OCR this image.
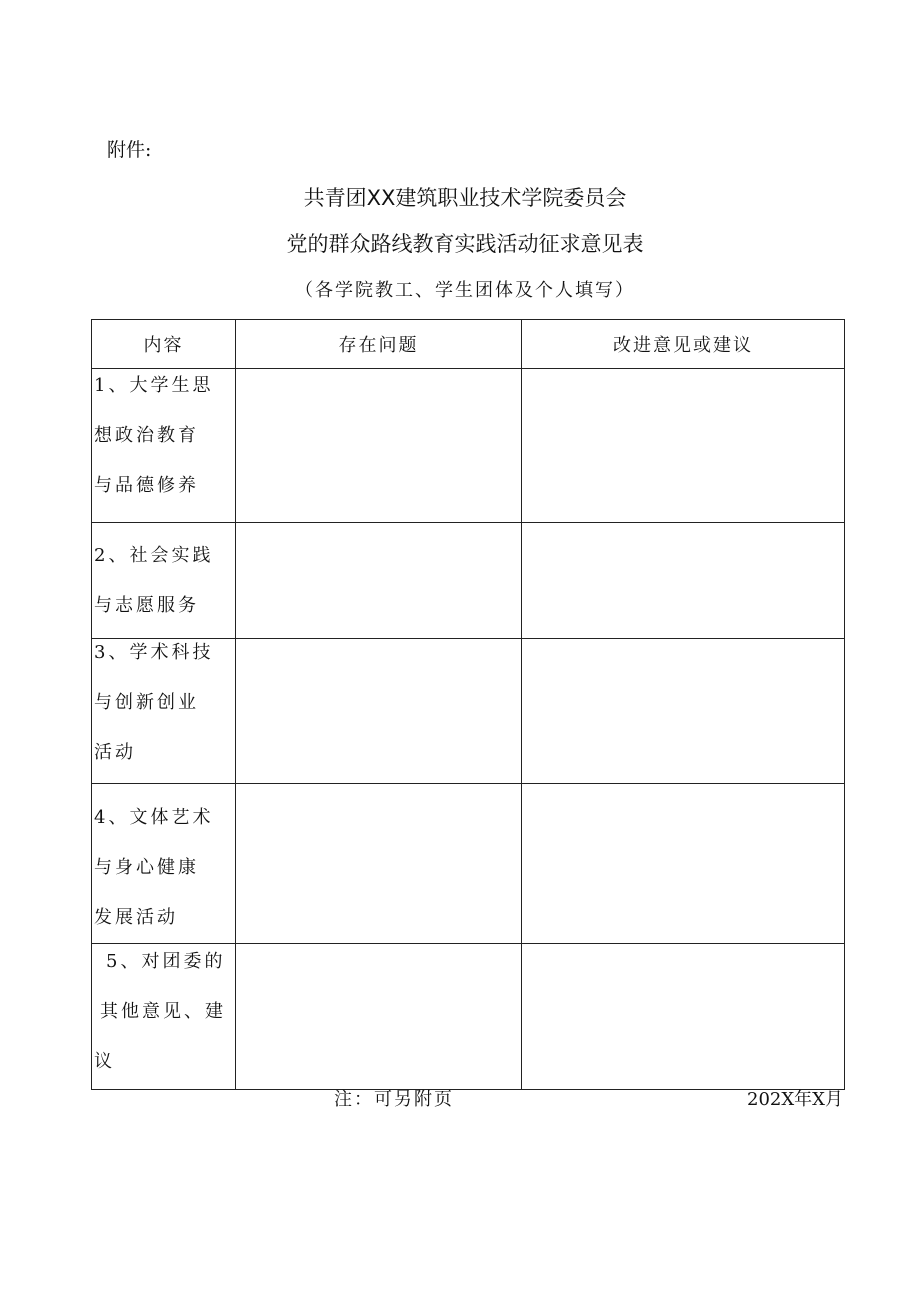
附件:
共青团XX建筑职业技术学院委员会
党的群众路线教育实践活动征求意见表
（各学院教工、学生团体及个人填写）
内容	存在问题	改进意见或建议

1、大学生思
想政治教育
与品德修养		

2、社会实践
与志愿服务		

3、学术科技
与创新创业
活动		

4、文体艺术
与身心健康
发展活动		

5、对团委的
其他意见、建
议		

注：可另附页	202X年X月
